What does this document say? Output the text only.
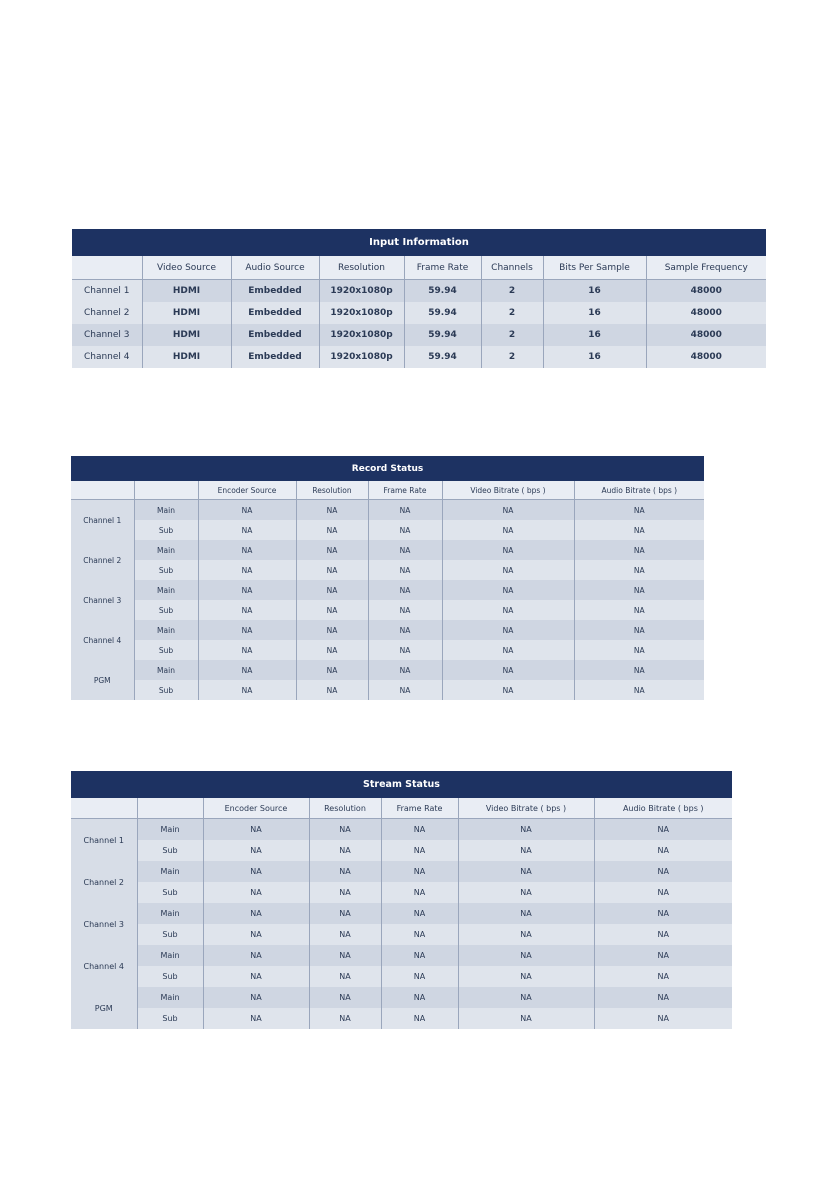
Input Information							
	Video Source	Audio Source	Resolution	Frame Rate	Channels	Bits Per Sample	Sample Frequency
Channel 1	HDMI	Embedded	1920x1080p	59.94	2	16	48000
Channel 2	HDMI	Embedded	1920x1080p	59.94	2	16	48000
Channel 3	HDMI	Embedded	1920x1080p	59.94	2	16	48000
Channel 4	HDMI	Embedded	1920x1080p	59.94	2	16	48000
Record Status						
		Encoder Source	Resolution	Frame Rate	Video Bitrate ( bps )	Audio Bitrate ( bps )
Channel 1	Main	NA	NA	NA	NA	NA
	Sub	NA	NA	NA	NA	NA
Channel 2	Main	NA	NA	NA	NA	NA
	Sub	NA	NA	NA	NA	NA
Channel 3	Main	NA	NA	NA	NA	NA
	Sub	NA	NA	NA	NA	NA
Channel 4	Main	NA	NA	NA	NA	NA
	Sub	NA	NA	NA	NA	NA
PGM	Main	NA	NA	NA	NA	NA
	Sub	NA	NA	NA	NA	NA
Stream Status						
		Encoder Source	Resolution	Frame Rate	Video Bitrate ( bps )	Audio Bitrate ( bps )
Channel 1	Main	NA	NA	NA	NA	NA
	Sub	NA	NA	NA	NA	NA
Channel 2	Main	NA	NA	NA	NA	NA
	Sub	NA	NA	NA	NA	NA
Channel 3	Main	NA	NA	NA	NA	NA
	Sub	NA	NA	NA	NA	NA
Channel 4	Main	NA	NA	NA	NA	NA
	Sub	NA	NA	NA	NA	NA
PGM	Main	NA	NA	NA	NA	NA
	Sub	NA	NA	NA	NA	NA
